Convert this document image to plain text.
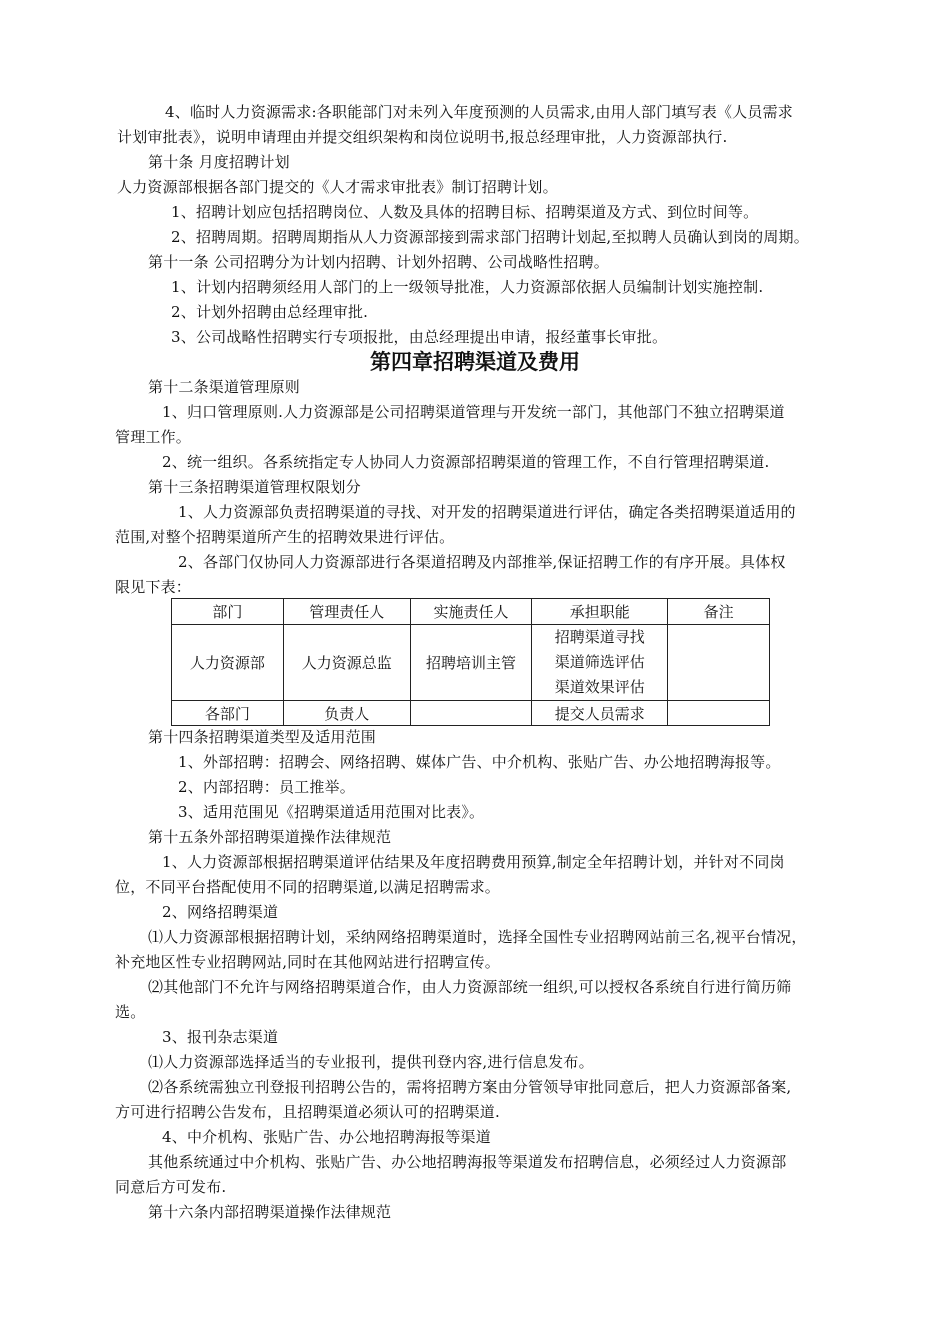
4、临时人力资源需求:各职能部门对未列入年度预测的人员需求,由用人部门填写表《人员需求
计划审批表》，说明申请理由并提交组织架构和岗位说明书,报总经理审批，人力资源部执行.
第十条 月度招聘计划
人力资源部根据各部门提交的《人才需求审批表》制订招聘计划。
1、招聘计划应包括招聘岗位、人数及具体的招聘目标、招聘渠道及方式、到位时间等。
2、招聘周期。招聘周期指从人力资源部接到需求部门招聘计划起,至拟聘人员确认到岗的周期。
第十一条 公司招聘分为计划内招聘、计划外招聘、公司战略性招聘。
1、计划内招聘须经用人部门的上一级领导批准，人力资源部依据人员编制计划实施控制.
2、计划外招聘由总经理审批.
3、公司战略性招聘实行专项报批，由总经理提出申请，报经董事长审批。
第四章招聘渠道及费用
第十二条渠道管理原则
1、归口管理原则.人力资源部是公司招聘渠道管理与开发统一部门，其他部门不独立招聘渠道
管理工作。
2、统一组织。各系统指定专人协同人力资源部招聘渠道的管理工作，不自行管理招聘渠道.
第十三条招聘渠道管理权限划分
1、人力资源部负责招聘渠道的寻找、对开发的招聘渠道进行评估，确定各类招聘渠道适用的
范围,对整个招聘渠道所产生的招聘效果进行评估。
2、各部门仅协同人力资源部进行各渠道招聘及内部推举,保证招聘工作的有序开展。具体权
限见下表：
部门	管理责任人	实施责任人	承担职能	备注
人力资源部	人力资源总监	招聘培训主管	招聘渠道寻找
渠道筛选评估
渠道效果评估	

各部门	负责人		提交人员需求	
第十四条招聘渠道类型及适用范围
1、外部招聘：招聘会、网络招聘、媒体广告、中介机构、张贴广告、办公地招聘海报等。
2、内部招聘：员工推举。
3、适用范围见《招聘渠道适用范围对比表》。
第十五条外部招聘渠道操作法律规范
1、人力资源部根据招聘渠道评估结果及年度招聘费用预算,制定全年招聘计划，并针对不同岗
位，不同平台搭配使用不同的招聘渠道,以满足招聘需求。
2、网络招聘渠道
⑴人力资源部根据招聘计划，采纳网络招聘渠道时，选择全国性专业招聘网站前三名,视平台情况，
补充地区性专业招聘网站,同时在其他网站进行招聘宣传。
⑵其他部门不允许与网络招聘渠道合作，由人力资源部统一组织,可以授权各系统自行进行简历筛
选。
3、报刊杂志渠道
⑴人力资源部选择适当的专业报刊，提供刊登内容,进行信息发布。
⑵各系统需独立刊登报刊招聘公告的，需将招聘方案由分管领导审批同意后，把人力资源部备案,
方可进行招聘公告发布，且招聘渠道必须认可的招聘渠道.
4、中介机构、张贴广告、办公地招聘海报等渠道
其他系统通过中介机构、张贴广告、办公地招聘海报等渠道发布招聘信息，必须经过人力资源部
同意后方可发布.
第十六条内部招聘渠道操作法律规范
